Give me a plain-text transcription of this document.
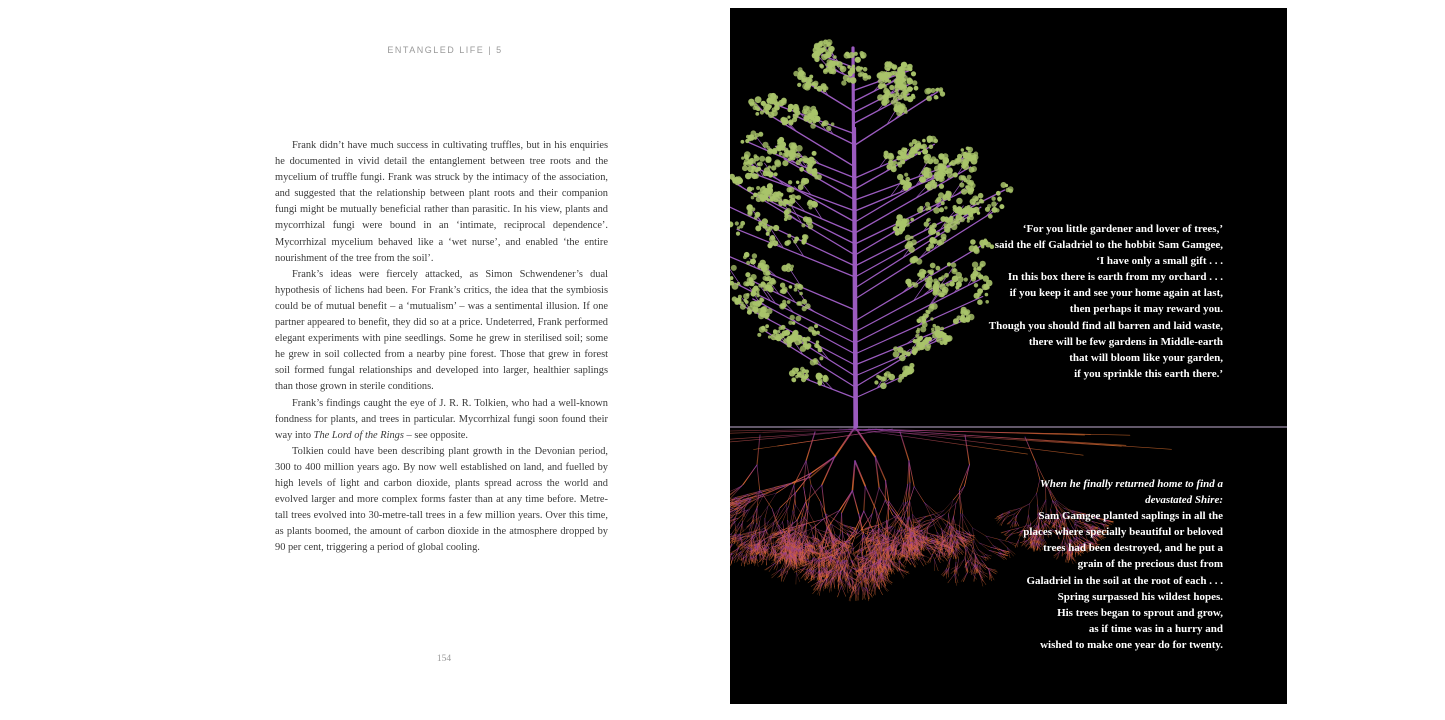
ENTANGLED LIFE | 5

Frank didn’t have much success in cultivating truffles, but in his enquiries he documented in vivid detail the entanglement between tree roots and the mycelium of truffle fungi. Frank was struck by the intimacy of the association, and suggested that the relationship between plant roots and their companion fungi might be mutually beneficial rather than parasitic. In his view, plants and mycorrhizal fungi were bound in an ‘intimate, reciprocal dependence’. Mycorrhizal mycelium behaved like a ‘wet nurse’, and enabled ‘the entire nourishment of the tree from the soil’.

Frank’s ideas were fiercely attacked, as Simon Schwendener’s dual hypothesis of lichens had been. For Frank’s critics, the idea that the symbiosis could be of mutual benefit – a ‘mutualism’ – was a sentimental illusion. If one partner appeared to benefit, they did so at a price. Undeterred, Frank performed elegant experiments with pine seedlings. Some he grew in sterilised soil; some he grew in soil collected from a nearby pine forest. Those that grew in forest soil formed fungal relationships and developed into larger, healthier saplings than those grown in sterile conditions.

Frank’s findings caught the eye of J. R. R. Tolkien, who had a well-known fondness for plants, and trees in particular. Mycorrhizal fungi soon found their way into The Lord of the Rings – see opposite.

Tolkien could have been describing plant growth in the Devonian period, 300 to 400 million years ago. By now well established on land, and fuelled by high levels of light and carbon dioxide, plants spread across the world and evolved larger and more complex forms faster than at any time before. Metre-tall trees evolved into 30-metre-tall trees in a few million years. Over this time, as plants boomed, the amount of carbon dioxide in the atmosphere dropped by 90 per cent, triggering a period of global cooling.

154
‘For you little gardener and lover of trees,’
said the elf Galadriel to the hobbit Sam Gamgee,
‘I have only a small gift . . .
In this box there is earth from my orchard . . .
if you keep it and see your home again at last,
then perhaps it may reward you.
Though you should find all barren and laid waste,
there will be few gardens in Middle-earth
that will bloom like your garden,
if you sprinkle this earth there.’
When he finally returned home to find a
devastated Shire:
Sam Gamgee planted saplings in all the
places where specially beautiful or beloved
trees had been destroyed, and he put a
grain of the precious dust from
Galadriel in the soil at the root of each . . .
Spring surpassed his wildest hopes.
His trees began to sprout and grow,
as if time was in a hurry and
wished to make one year do for twenty.
